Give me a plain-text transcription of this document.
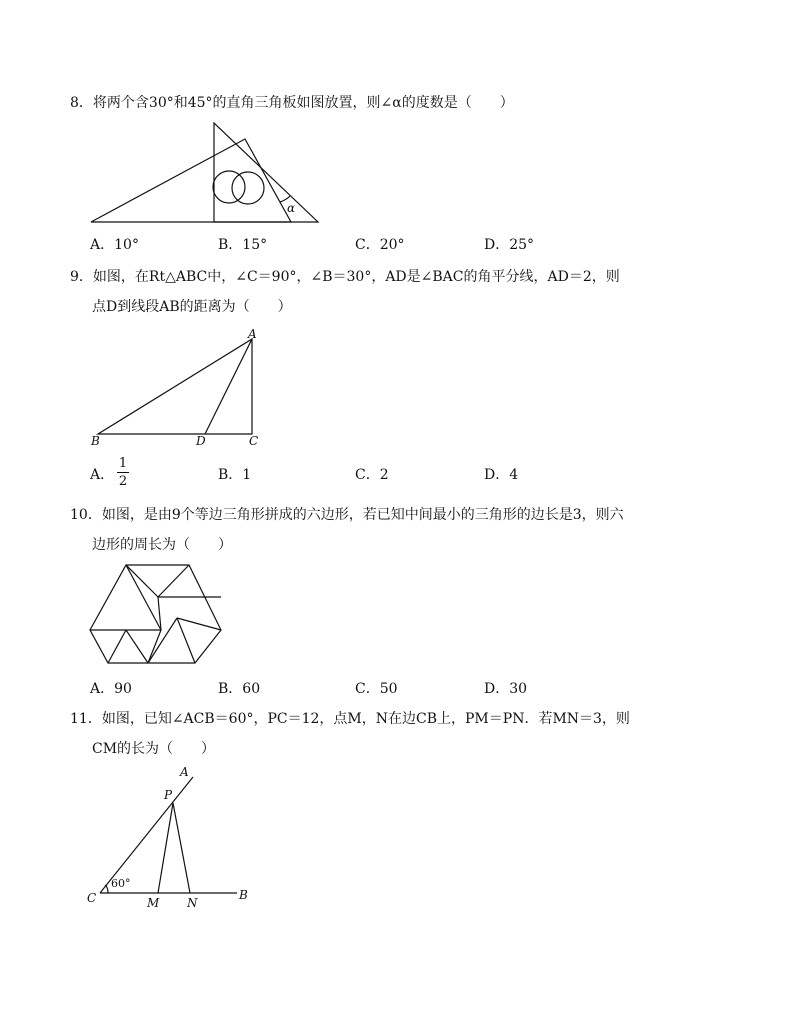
8．将两个含30°和45°的直角三角板如图放置，则∠α的度数是（　　）
α
A．10°	B．15°	C．20°	D．25°
9．如图，在Rt△ABC中，∠C＝90°，∠B＝30°，AD是∠BAC的角平分线，AD＝2，则
点D到线段AB的距离为（　　）
A
B	D	C
A．
1
2	B．1	C．2	D．4
10．如图，是由9个等边三角形拼成的六边形，若已知中间最小的三角形的边长是3，则六
边形的周长为（　　）
A．90	B．60	C．50	D．30
11．如图，已知∠ACB＝60°，PC＝12，点M，N在边CB上，PM＝PN．若MN＝3，则
CM的长为（　　）
A
P
C	M N
B
60°
